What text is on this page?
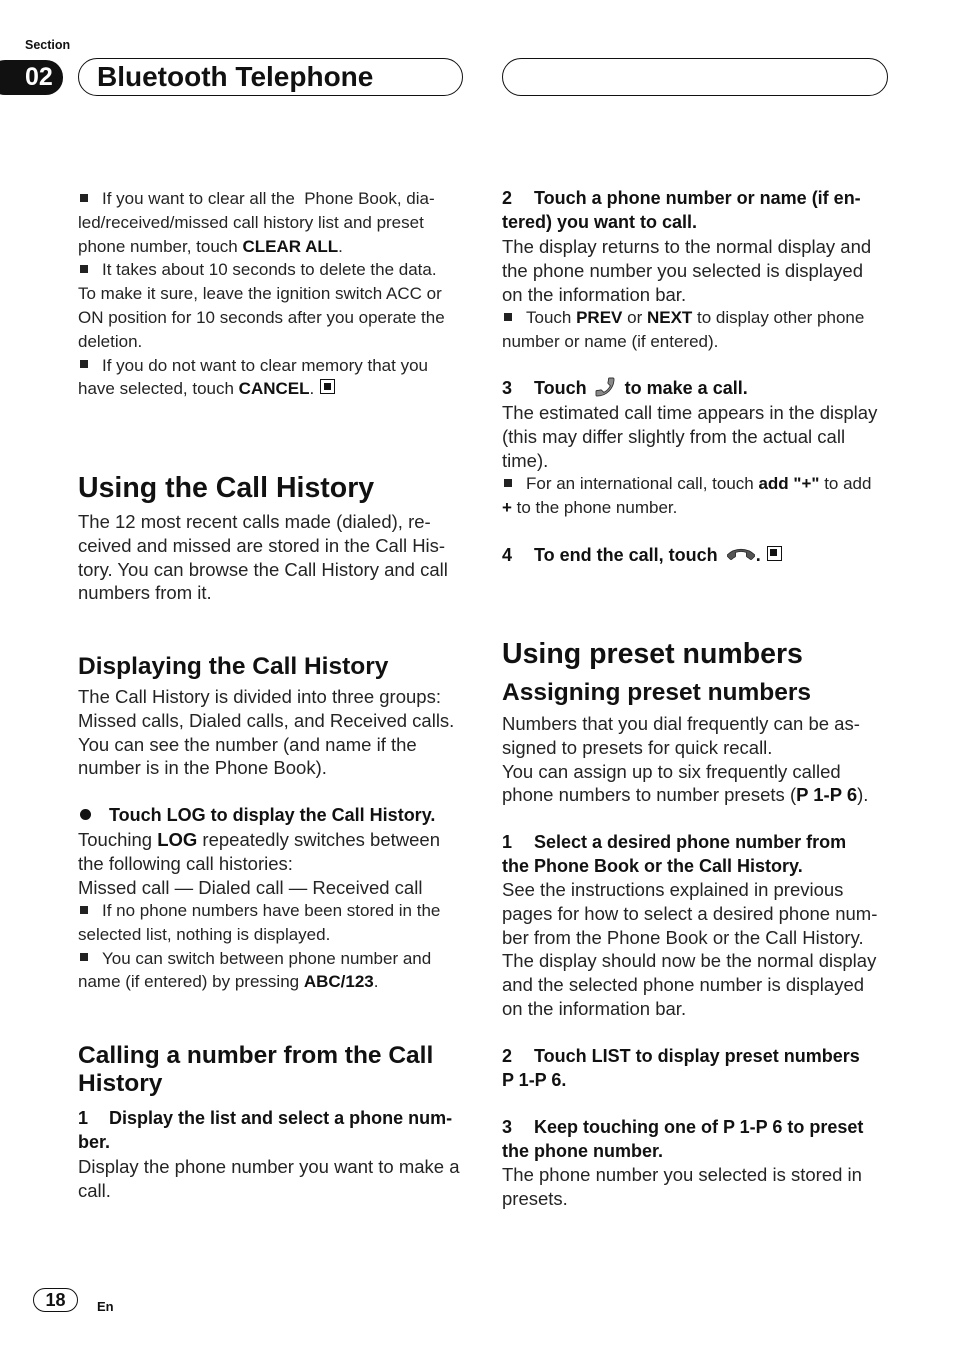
Section
02 Bluetooth Telephone
If you want to clear all the  Phone Book, dia-
led/received/missed call history list and preset
phone number, touch CLEAR ALL.
It takes about 10 seconds to delete the data.
To make it sure, leave the ignition switch ACC or
ON position for 10 seconds after you operate the
deletion.
If you do not want to clear memory that you
have selected, touch CANCEL.
Using the Call History
The 12 most recent calls made (dialed), re-
ceived and missed are stored in the Call His-
tory. You can browse the Call History and call
numbers from it.
Displaying the Call History
The Call History is divided into three groups:
Missed calls, Dialed calls, and Received calls.
You can see the number (and name if the
number is in the Phone Book).
Touch LOG to display the Call History.
Touching LOG repeatedly switches between
the following call histories:
Missed call — Dialed call — Received call
If no phone numbers have been stored in the
selected list, nothing is displayed.
You can switch between phone number and
name (if entered) by pressing ABC/123.
Calling a number from the Call
History
1 Display the list and select a phone num-
ber.
Display the phone number you want to make a
call.
2 Touch a phone number or name (if en-
tered) you want to call.
The display returns to the normal display and
the phone number you selected is displayed
on the information bar.
Touch PREV or NEXT to display other phone
number or name (if entered).
3 Touch to make a call.
The estimated call time appears in the display
(this may differ slightly from the actual call
time).
For an international call, touch add "+" to add
+ to the phone number.
4 To end the call, touch .
Using preset numbers
Assigning preset numbers
Numbers that you dial frequently can be as-
signed to presets for quick recall.
You can assign up to six frequently called
phone numbers to number presets (P 1-P 6).
1 Select a desired phone number from
the Phone Book or the Call History.
See the instructions explained in previous
pages for how to select a desired phone num-
ber from the Phone Book or the Call History.
The display should now be the normal display
and the selected phone number is displayed
on the information bar.
2 Touch LIST to display preset numbers
P 1-P 6.
3 Keep touching one of P 1-P 6 to preset
the phone number.
The phone number you selected is stored in
presets.
18	En
